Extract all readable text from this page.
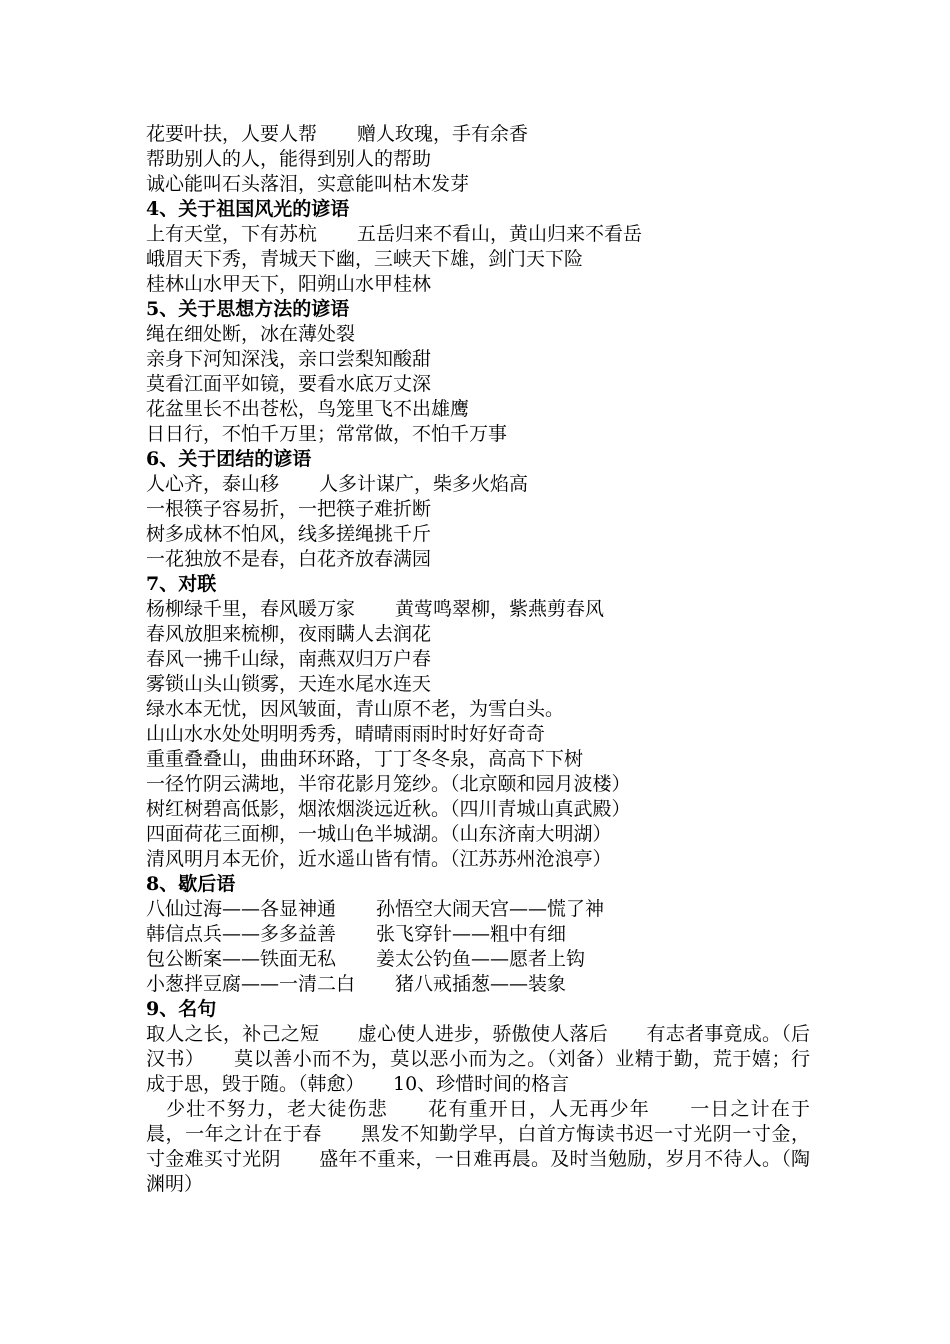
花要叶扶，人要人帮 赠人玫瑰，手有余香
帮助别人的人，能得到别人的帮助
诚心能叫石头落泪，实意能叫枯木发芽
4、关于祖国风光的谚语
上有天堂，下有苏杭 五岳归来不看山，黄山归来不看岳
峨眉天下秀，青城天下幽，三峡天下雄，剑门天下险
桂林山水甲天下，阳朔山水甲桂林
5、关于思想方法的谚语
绳在细处断，冰在薄处裂
亲身下河知深浅，亲口尝梨知酸甜
莫看江面平如镜，要看水底万丈深
花盆里长不出苍松，鸟笼里飞不出雄鹰
日日行，不怕千万里；常常做，不怕千万事
6、关于团结的谚语
人心齐，泰山移 人多计谋广，柴多火焰高
一根筷子容易折，一把筷子难折断
树多成林不怕风，线多搓绳挑千斤
一花独放不是春，白花齐放春满园
7、对联
杨柳绿千里，春风暖万家 黄莺鸣翠柳，紫燕剪春风
春风放胆来梳柳，夜雨瞒人去润花
春风一拂千山绿，南燕双归万户春
雾锁山头山锁雾，天连水尾水连天
绿水本无忧，因风皱面，青山原不老，为雪白头。
山山水水处处明明秀秀，晴晴雨雨时时好好奇奇
重重叠叠山，曲曲环环路，丁丁冬冬泉，高高下下树
一径竹阴云满地，半帘花影月笼纱。（北京颐和园月波楼）
树红树碧高低影，烟浓烟淡远近秋。（四川青城山真武殿）
四面荷花三面柳，一城山色半城湖。（山东济南大明湖）
清风明月本无价，近水遥山皆有情。（江苏苏州沧浪亭）
8、歇后语
八仙过海——各显神通 孙悟空大闹天宫——慌了神
韩信点兵——多多益善 张飞穿针——粗中有细
包公断案——铁面无私 姜太公钓鱼——愿者上钩
小葱拌豆腐——一清二白 猪八戒插葱——装象
9、名句
取人之长，补己之短　　虚心使人进步，骄傲使人落后　　有志者事竟成。（后汉书）　　莫以善小而不为，莫以恶小而为之。（刘备）业精于勤，荒于嬉；行成于思，毁于随。（韩愈）　　10、珍惜时间的格言
　少壮不努力，老大徒伤悲　　花有重开日，人无再少年　　一日之计在于晨，一年之计在于春　　黑发不知勤学早，白首方悔读书迟一寸光阴一寸金，寸金难买寸光阴　　盛年不重来，一日难再晨。及时当勉励，岁月不待人。（陶渊明）
